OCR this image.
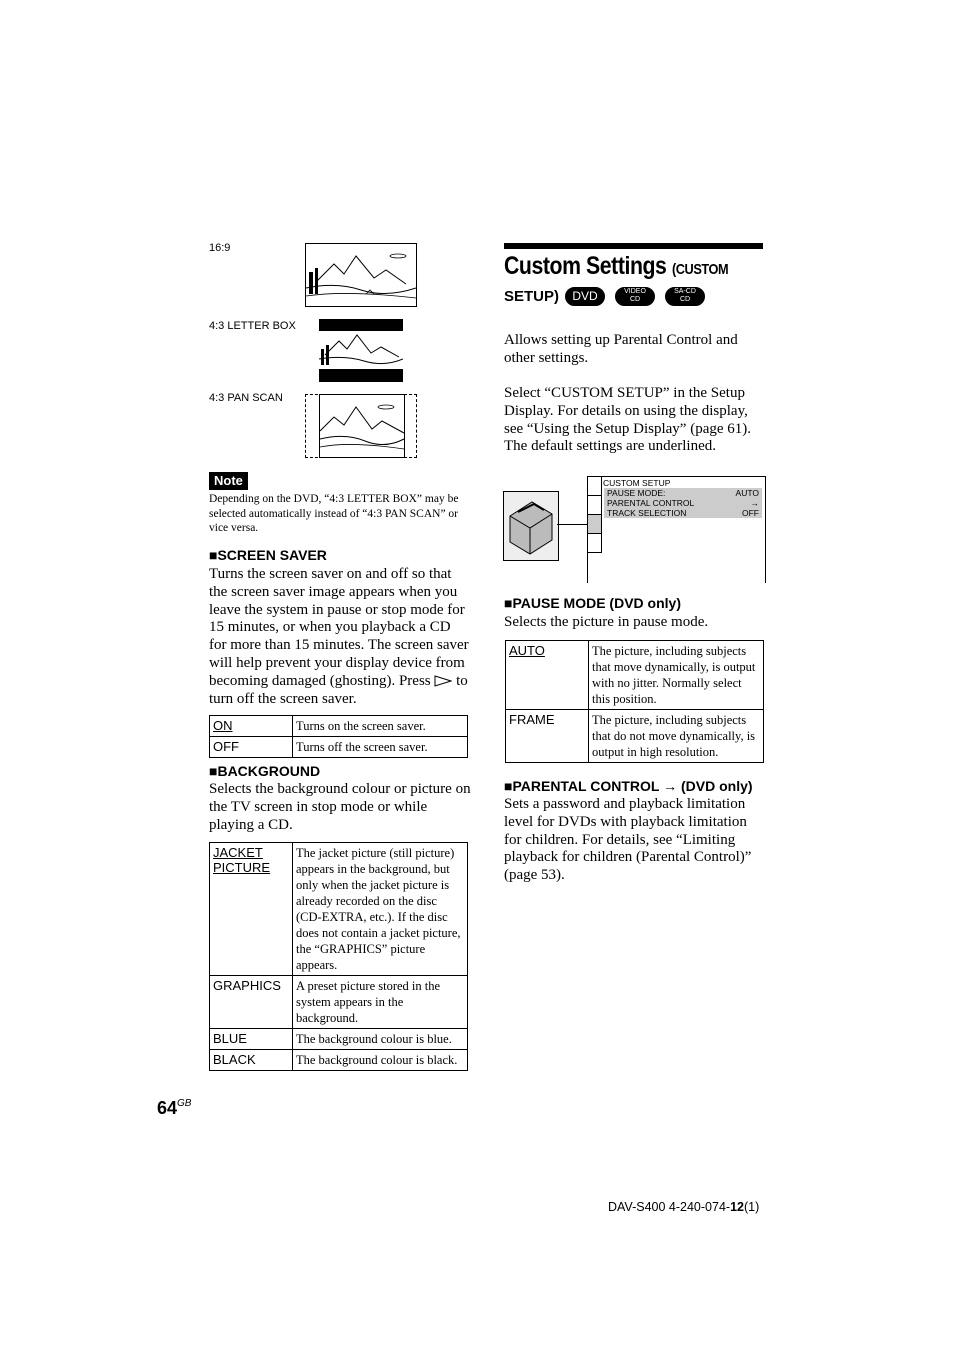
16:9
4:3 LETTER BOX
4:3 PAN SCAN
Note
Depending on the DVD, “4:3 LETTER BOX” may be selected automatically instead of “4:3 PAN SCAN” or vice versa.
■SCREEN SAVER
Turns the screen saver on and off so that the screen saver image appears when you leave the system in pause or stop mode for 15 minutes, or when you playback a CD for more than 15 minutes. The screen saver will help prevent your display device from becoming damaged (ghosting). Press to turn off the screen saver.
ON	Turns on the screen saver.
OFF	Turns off the screen saver.
■BACKGROUND
Selects the background colour or picture on the TV screen in stop mode or while playing a CD.
JACKET PICTURE	The jacket picture (still picture) appears in the background, but only when the jacket picture is already recorded on the disc (CD-EXTRA, etc.). If the disc does not contain a jacket picture, the “GRAPHICS” picture appears.
GRAPHICS	A preset picture stored in the system appears in the background.
BLUE	The background colour is blue.
BLACK	The background colour is black.
$64^{GB}$
Custom Settings (CUSTOM
SETUP) DVD	VIDEO
CD SA-CD
CD
Allows setting up Parental Control and other settings.
Select “CUSTOM SETUP” in the Setup Display. For details on using the display, see “Using the Setup Display” (page 61).
The default settings are underlined.
CUSTOM SETUP
PAUSE MODE:	AUTO
PARENTAL CONTROL	→
TRACK SELECTION	OFF
■PAUSE MODE (DVD only)
Selects the picture in pause mode.
AUTO	The picture, including subjects that move dynamically, is output with no jitter. Normally select this position.
FRAME	The picture, including subjects that do not move dynamically, is output in high resolution.
■PARENTAL CONTROL → (DVD only)
Sets a password and playback limitation level for DVDs with playback limitation for children. For details, see “Limiting playback for children (Parental Control)” (page 53).
DAV-S400 4-240-074-12(1)
